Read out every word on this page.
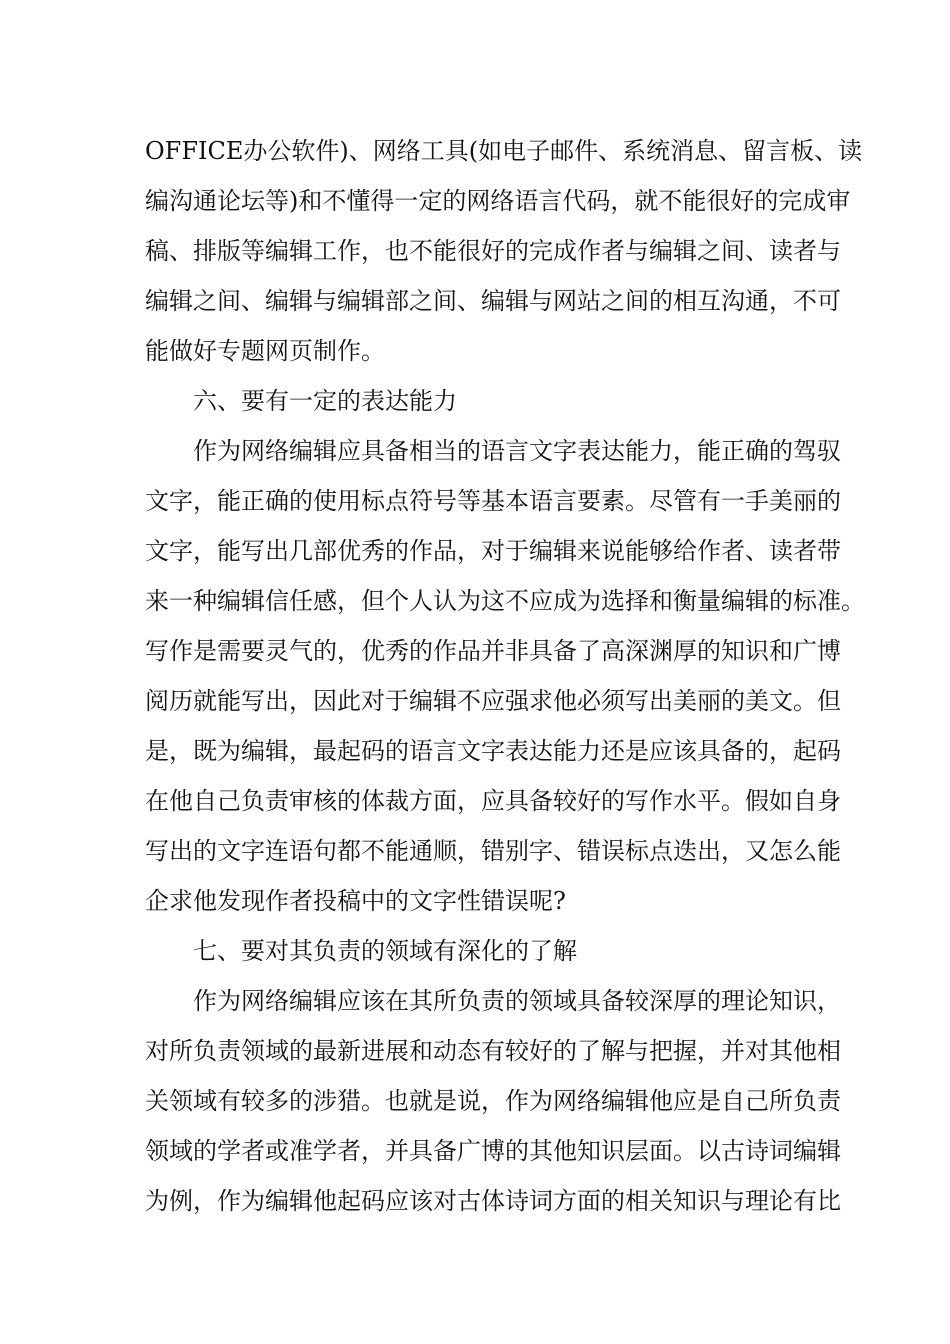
OFFICE办公软件)、网络工具(如电子邮件、系统消息、留言板、读
编沟通论坛等)和不懂得一定的网络语言代码，就不能很好的完成审
稿、排版等编辑工作，也不能很好的完成作者与编辑之间、读者与
编辑之间、编辑与编辑部之间、编辑与网站之间的相互沟通，不可
能做好专题网页制作。
六、要有一定的表达能力
作为网络编辑应具备相当的语言文字表达能力，能正确的驾驭
文字，能正确的使用标点符号等基本语言要素。尽管有一手美丽的
文字，能写出几部优秀的作品，对于编辑来说能够给作者、读者带
来一种编辑信任感，但个人认为这不应成为选择和衡量编辑的标准。
写作是需要灵气的，优秀的作品并非具备了高深渊厚的知识和广博
阅历就能写出，因此对于编辑不应强求他必须写出美丽的美文。但
是，既为编辑，最起码的语言文字表达能力还是应该具备的，起码
在他自己负责审核的体裁方面，应具备较好的写作水平。假如自身
写出的文字连语句都不能通顺，错别字、错误标点迭出，又怎么能
企求他发现作者投稿中的文字性错误呢?
七、要对其负责的领域有深化的了解
作为网络编辑应该在其所负责的领域具备较深厚的理论知识，
对所负责领域的最新进展和动态有较好的了解与把握，并对其他相
关领域有较多的涉猎。也就是说，作为网络编辑他应是自己所负责
领域的学者或准学者，并具备广博的其他知识层面。以古诗词编辑
为例，作为编辑他起码应该对古体诗词方面的相关知识与理论有比
